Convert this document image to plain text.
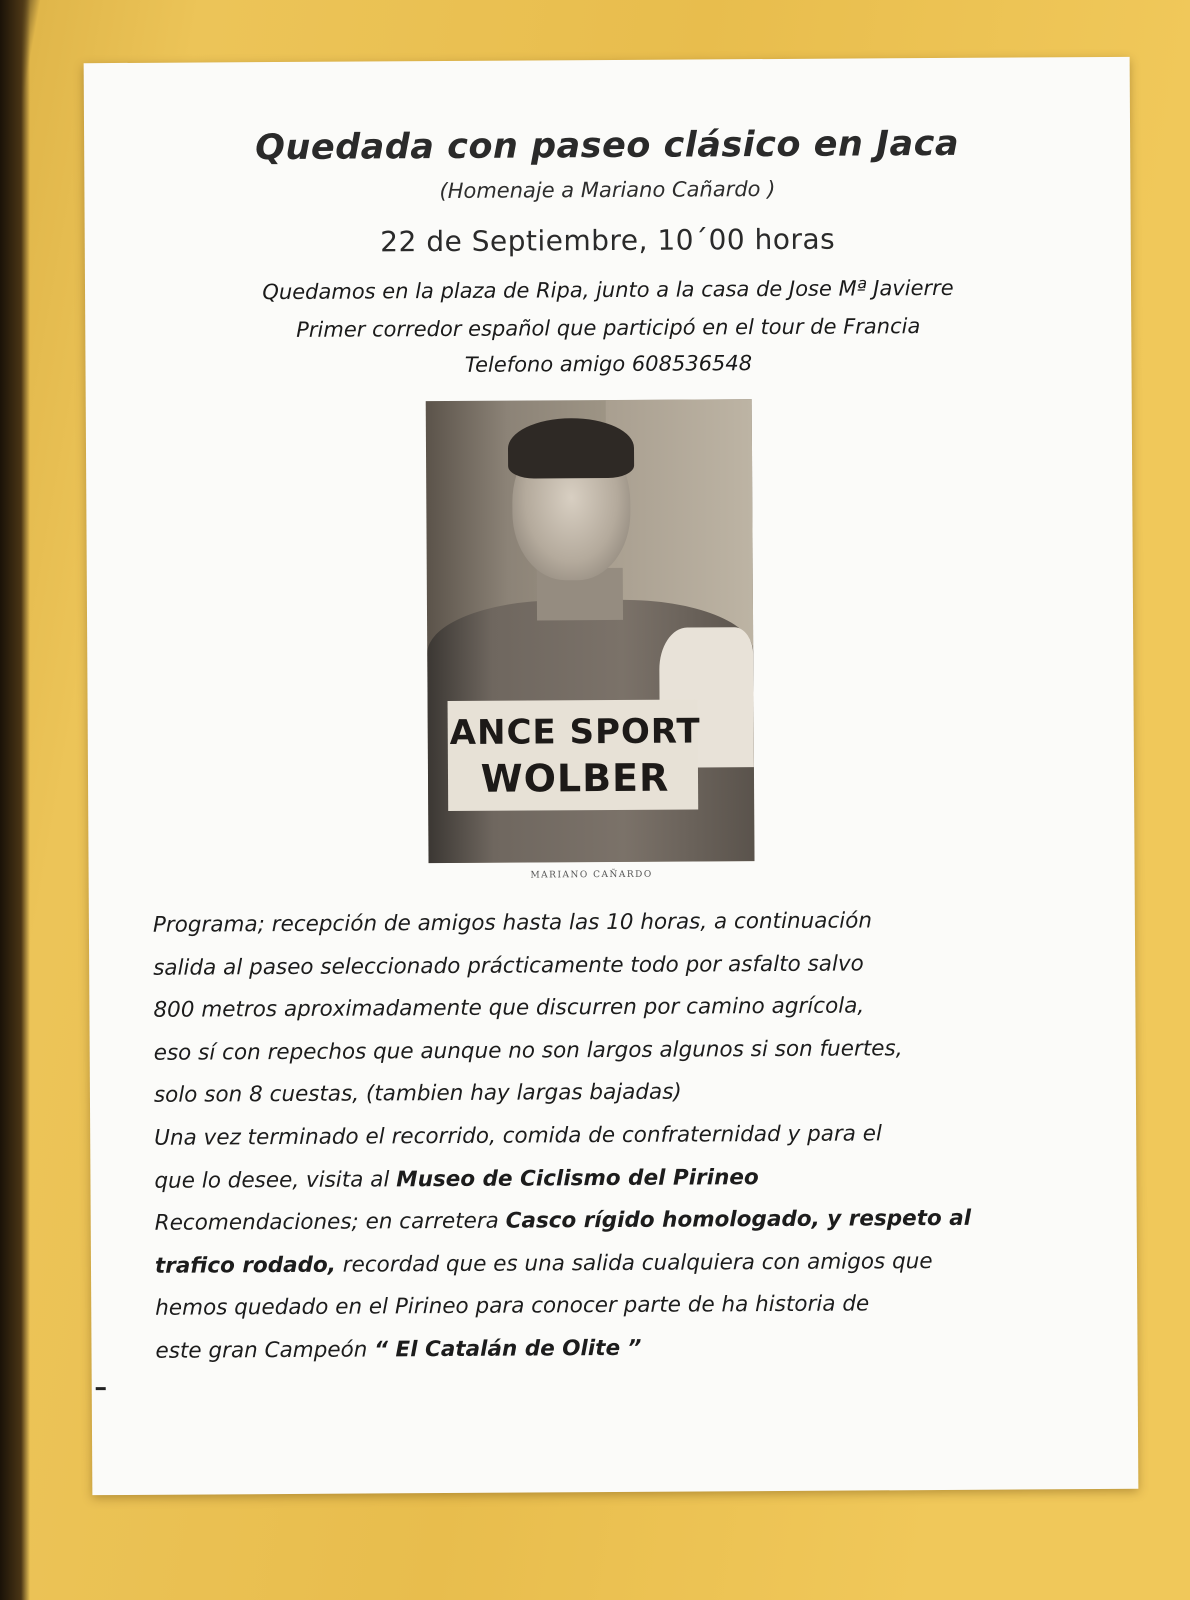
Quedada con paseo clásico en Jaca
(Homenaje a Mariano Cañardo )
22 de Septiembre, 10´00 horas
Quedamos en la plaza de Ripa, junto a la casa de Jose Mª Javierre
Primer corredor español que participó en el tour de Francia
Telefono amigo 608536548
ANCE SPORT
WOLBER
MARIANO CAÑARDO
Programa; recepción de amigos hasta las 10 horas, a continuación
salida al paseo seleccionado prácticamente todo por asfalto salvo
800 metros aproximadamente que discurren por camino agrícola,
eso sí con repechos que aunque no son largos algunos si son fuertes,
solo son 8 cuestas, (tambien hay largas bajadas)
Una vez terminado el recorrido, comida de confraternidad y para el
que lo desee, visita al Museo de Ciclismo del Pirineo
Recomendaciones; en carretera Casco rígido homologado, y respeto al
trafico rodado, recordad que es una salida cualquiera con amigos que
hemos quedado en el Pirineo para conocer parte de ha historia de
este gran Campeón “ El Catalán de Olite ”
